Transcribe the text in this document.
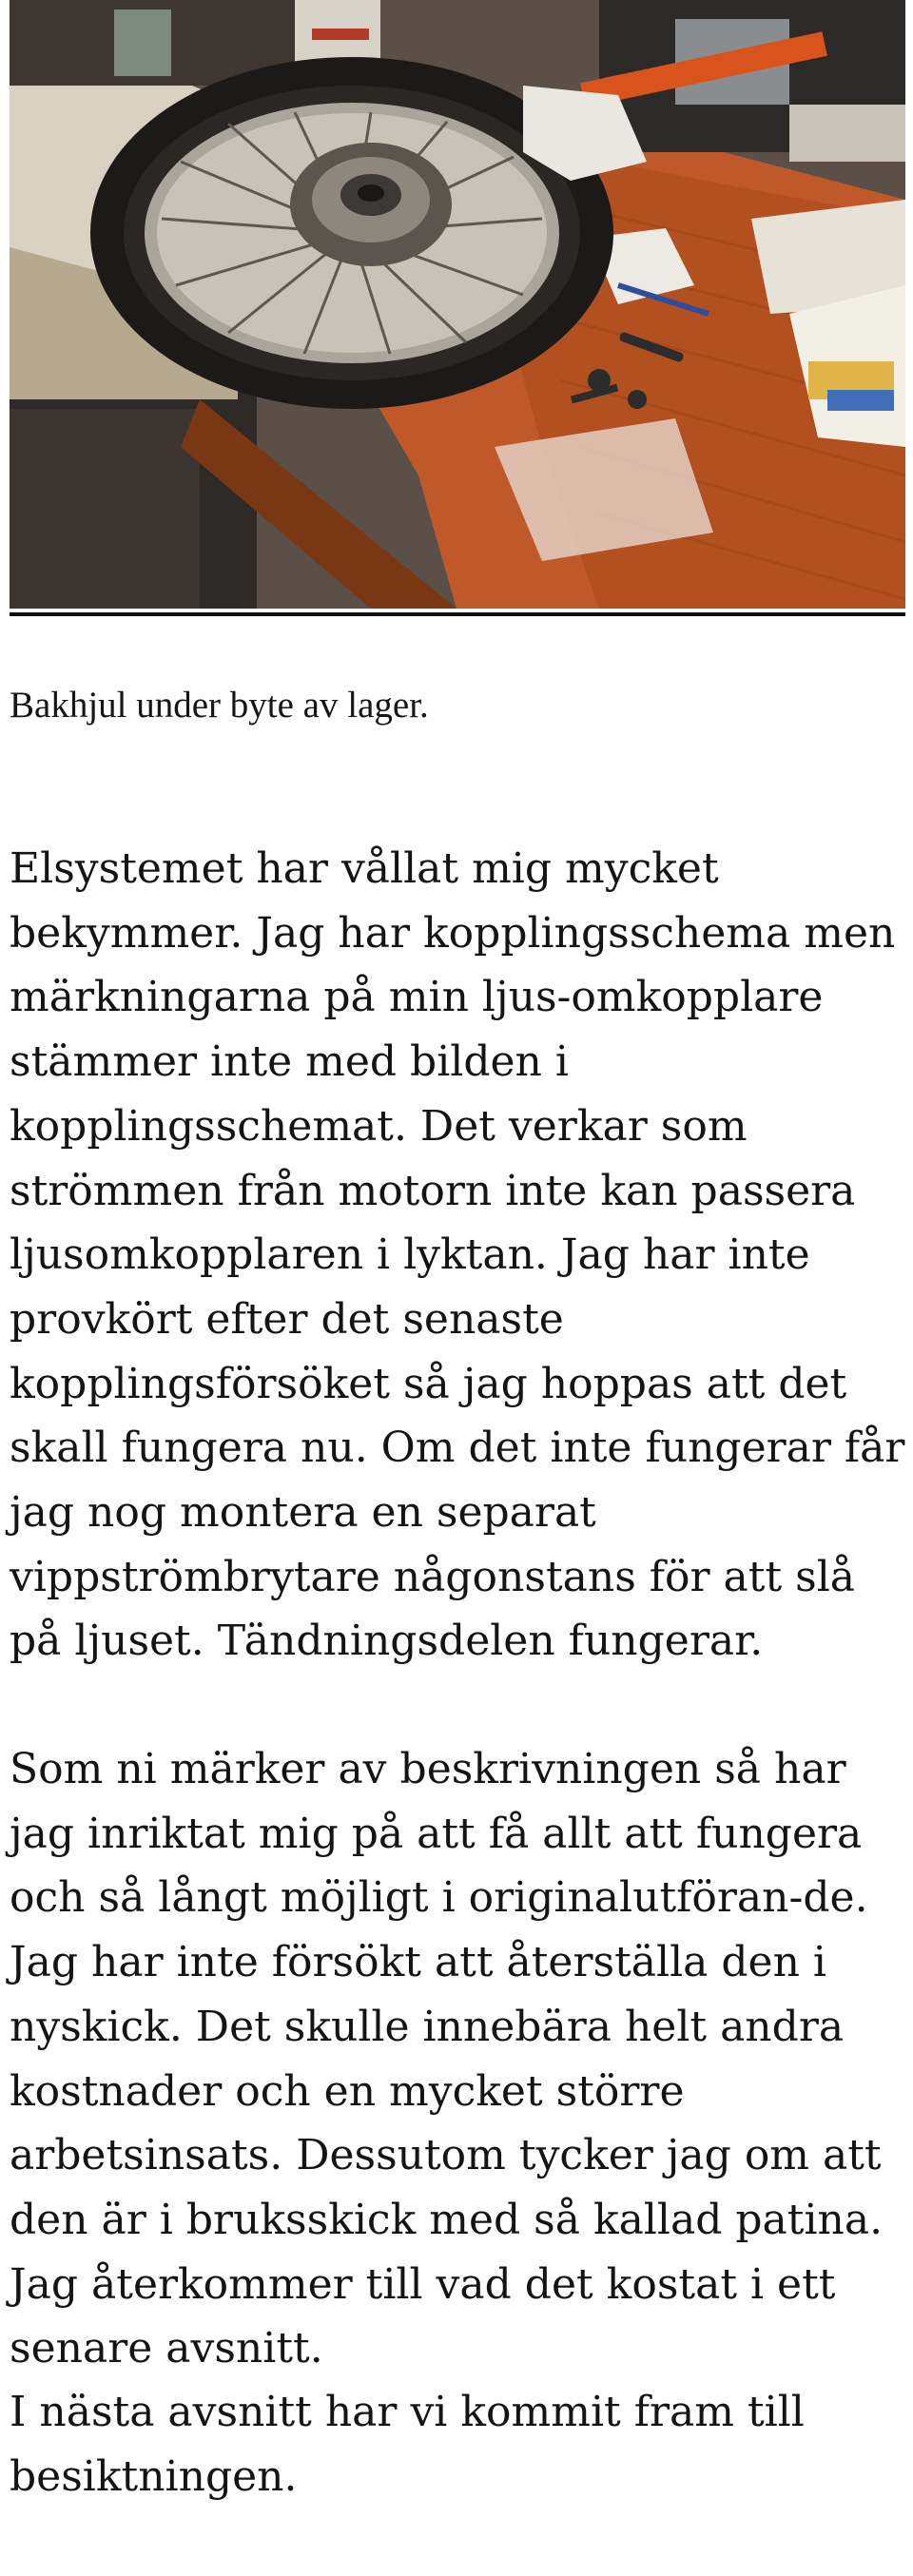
Bakhjul under byte av lager.

Elsystemet har vållat mig mycket bekymmer. Jag har kopplingsschema men märkningarna på min ljus-omkopplare stämmer inte med bilden i kopplingsschemat. Det verkar som strömmen från motorn inte kan passera ljusomkopplaren i lyktan. Jag har inte provkört efter det senaste kopplingsförsöket så jag hoppas att det skall fungera nu. Om det inte fungerar får jag nog montera en separat vippströmbrytare någonstans för att slå på ljuset. Tändningsdelen fungerar.

Som ni märker av beskrivningen så har jag inriktat mig på att få allt att fungera och så långt möjligt i originalutföran-de. Jag har inte försökt att återställa den i nyskick. Det skulle innebära helt andra kostnader och en mycket större arbetsinsats. Dessutom tycker jag om att den är i bruksskick med så kallad patina. Jag återkommer till vad det kostat i ett senare avsnitt.

I nästa avsnitt har vi kommit fram till besiktningen.
